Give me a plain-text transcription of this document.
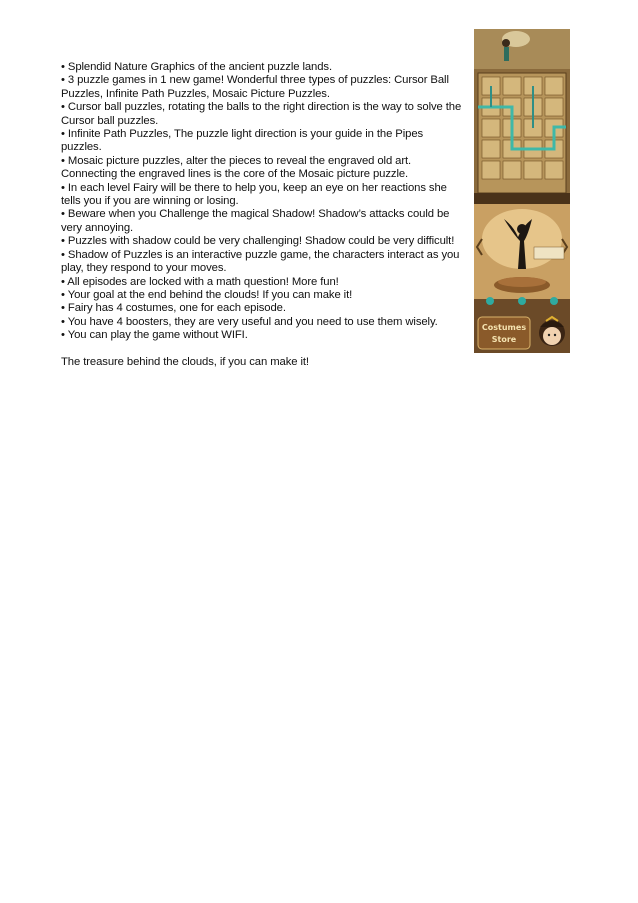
• Splendid Nature Graphics of the ancient puzzle lands.

• 3 puzzle games in 1 new game! Wonderful three types of puzzles: Cursor Ball Puzzles, Infinite Path Puzzles, Mosaic Picture Puzzles.

• Cursor ball puzzles, rotating the balls to the right direction is the way to solve the Cursor ball puzzles.

• Infinite Path Puzzles, The puzzle light direction is your guide in the Pipes puzzles.

• Mosaic picture puzzles, alter the pieces to reveal the engraved old art. Connecting the engraved lines is the core of the Mosaic picture puzzle.

• In each level Fairy will be there to help you, keep an eye on her reactions she tells you if you are winning or losing.

• Beware when you Challenge the magical Shadow! Shadow’s attacks could be very annoying.

• Puzzles with shadow could be very challenging! Shadow could be very difficult!

• Shadow of Puzzles is an interactive puzzle game, the characters interact as you play, they respond to your moves.

• All episodes are locked with a math question! More fun!

• Your goal at the end behind the clouds! If you can make it!

• Fairy has 4 costumes, one for each episode.

• You have 4 boosters, they are very useful and you need to use them wisely.

• You can play the game without WIFI.

The treasure behind the clouds, if you can make it!

Costumes
Store
